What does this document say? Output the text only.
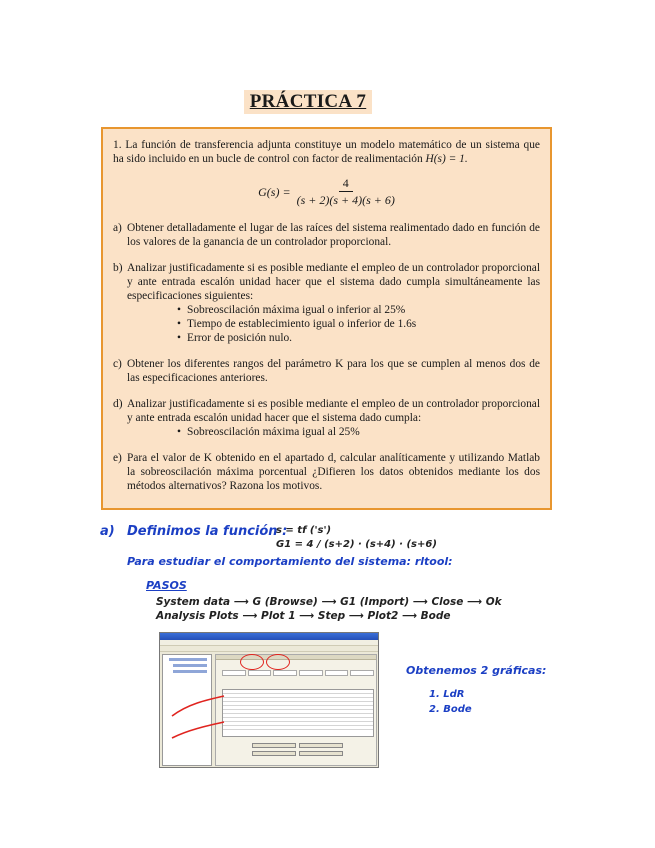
PRÁCTICA 7

1. La función de transferencia adjunta constituye un modelo matemático de un sistema que ha sido incluido en un bucle de control con factor de realimentación H(s) = 1.

$G(s) = \frac{4}{(s + 2)(s + 4)(s + 6)}$
a) Obtener detalladamente el lugar de las raíces del sistema realimentado dado en función de los valores de la ganancia de un controlador proporcional.

b) Analizar justificadamente si es posible mediante el empleo de un controlador proporcional y ante entrada escalón unidad hacer que el sistema dado cumpla simultáneamente las especificaciones siguientes:

• Sobreoscilación máxima igual o inferior al 25%
• Tiempo de establecimiento igual o inferior de 1.6s
• Error de posición nulo.
c) Obtener los diferentes rangos del parámetro K para los que se cumplen al menos dos de las especificaciones anteriores.

d) Analizar justificadamente si es posible mediante el empleo de un controlador proporcional y ante entrada escalón unidad hacer que el sistema dado cumpla:

• Sobreoscilación máxima igual al 25%
e) Para el valor de K obtenido en el apartado d, calcular analíticamente y utilizando Matlab la sobreoscilación máxima porcentual ¿Difieren los datos obtenidos mediante los dos métodos alternativos? Razona los motivos.

a) Definimos la función :
s = tf ('s')
G1 = 4 / (s+2) · (s+4) · (s+6)
Para estudiar el comportamiento del sistema: rltool:
PASOS
System data ⟶ G (Browse) ⟶ G1 (Import) ⟶ Close ⟶ Ok
Analysis Plots ⟶ Plot 1 ⟶ Step ⟶ Plot2 ⟶ Bode
Obtenemos 2 gráficas:
1. LdR
2. Bode
